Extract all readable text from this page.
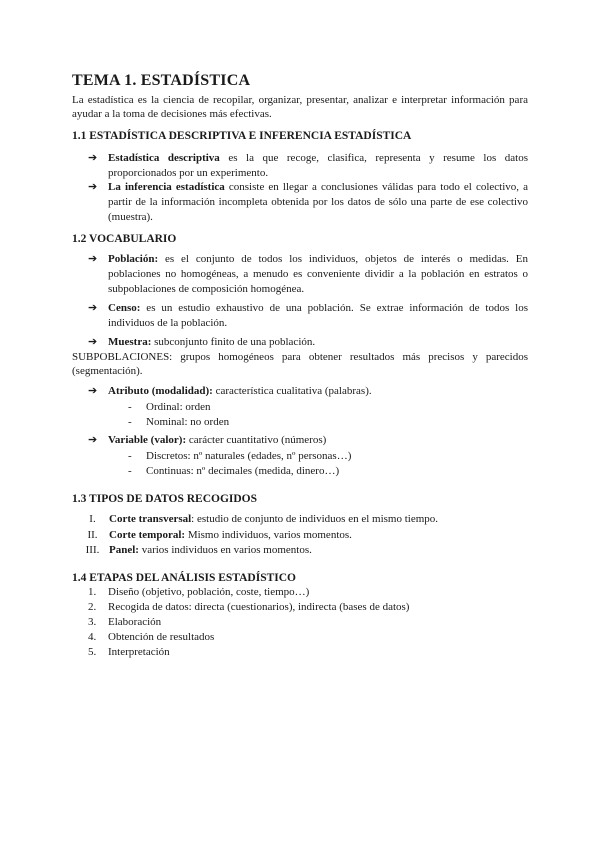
TEMA 1. ESTADÍSTICA

La estadística es la ciencia de recopilar, organizar, presentar, analizar e interpretar información para ayudar a la toma de decisiones más efectivas.

1.1 ESTADÍSTICA DESCRIPTIVA E INFERENCIA ESTADÍSTICA
➔ Estadística descriptiva es la que recoge, clasifica, representa y resume los datos proporcionados por un experimento.
➔ La inferencia estadística consiste en llegar a conclusiones válidas para todo el colectivo, a partir de la información incompleta obtenida por los datos de sólo una parte de ese colectivo (muestra).
1.2 VOCABULARIO
➔ Población: es el conjunto de todos los individuos, objetos de interés o medidas. En poblaciones no homogéneas, a menudo es conveniente dividir a la población en estratos o subpoblaciones de composición homogénea.
➔ Censo: es un estudio exhaustivo de una población. Se extrae información de todos los individuos de la población.
➔ Muestra: subconjunto finito de una población.

SUBPOBLACIONES: grupos homogéneos para obtener resultados más precisos y parecidos (segmentación).

➔ Atributo (modalidad): característica cualitativa (palabras).
- Ordinal: orden
- Nominal: no orden
➔ Variable (valor): carácter cuantitativo (números)
- Discretos: nº naturales (edades, nº personas…)
- Continuas: nº decimales (medida, dinero…)
1.3 TIPOS DE DATOS RECOGIDOS
I. Corte transversal: estudio de conjunto de individuos en el mismo tiempo.
II. Corte temporal: Mismo individuos, varios momentos.
III. Panel: varios individuos en varios momentos.
1.4 ETAPAS DEL ANÁLISIS ESTADÍSTICO
1. Diseño (objetivo, población, coste, tiempo…)
2. Recogida de datos: directa (cuestionarios), indirecta (bases de datos)
3. Elaboración
4. Obtención de resultados
5. Interpretación
